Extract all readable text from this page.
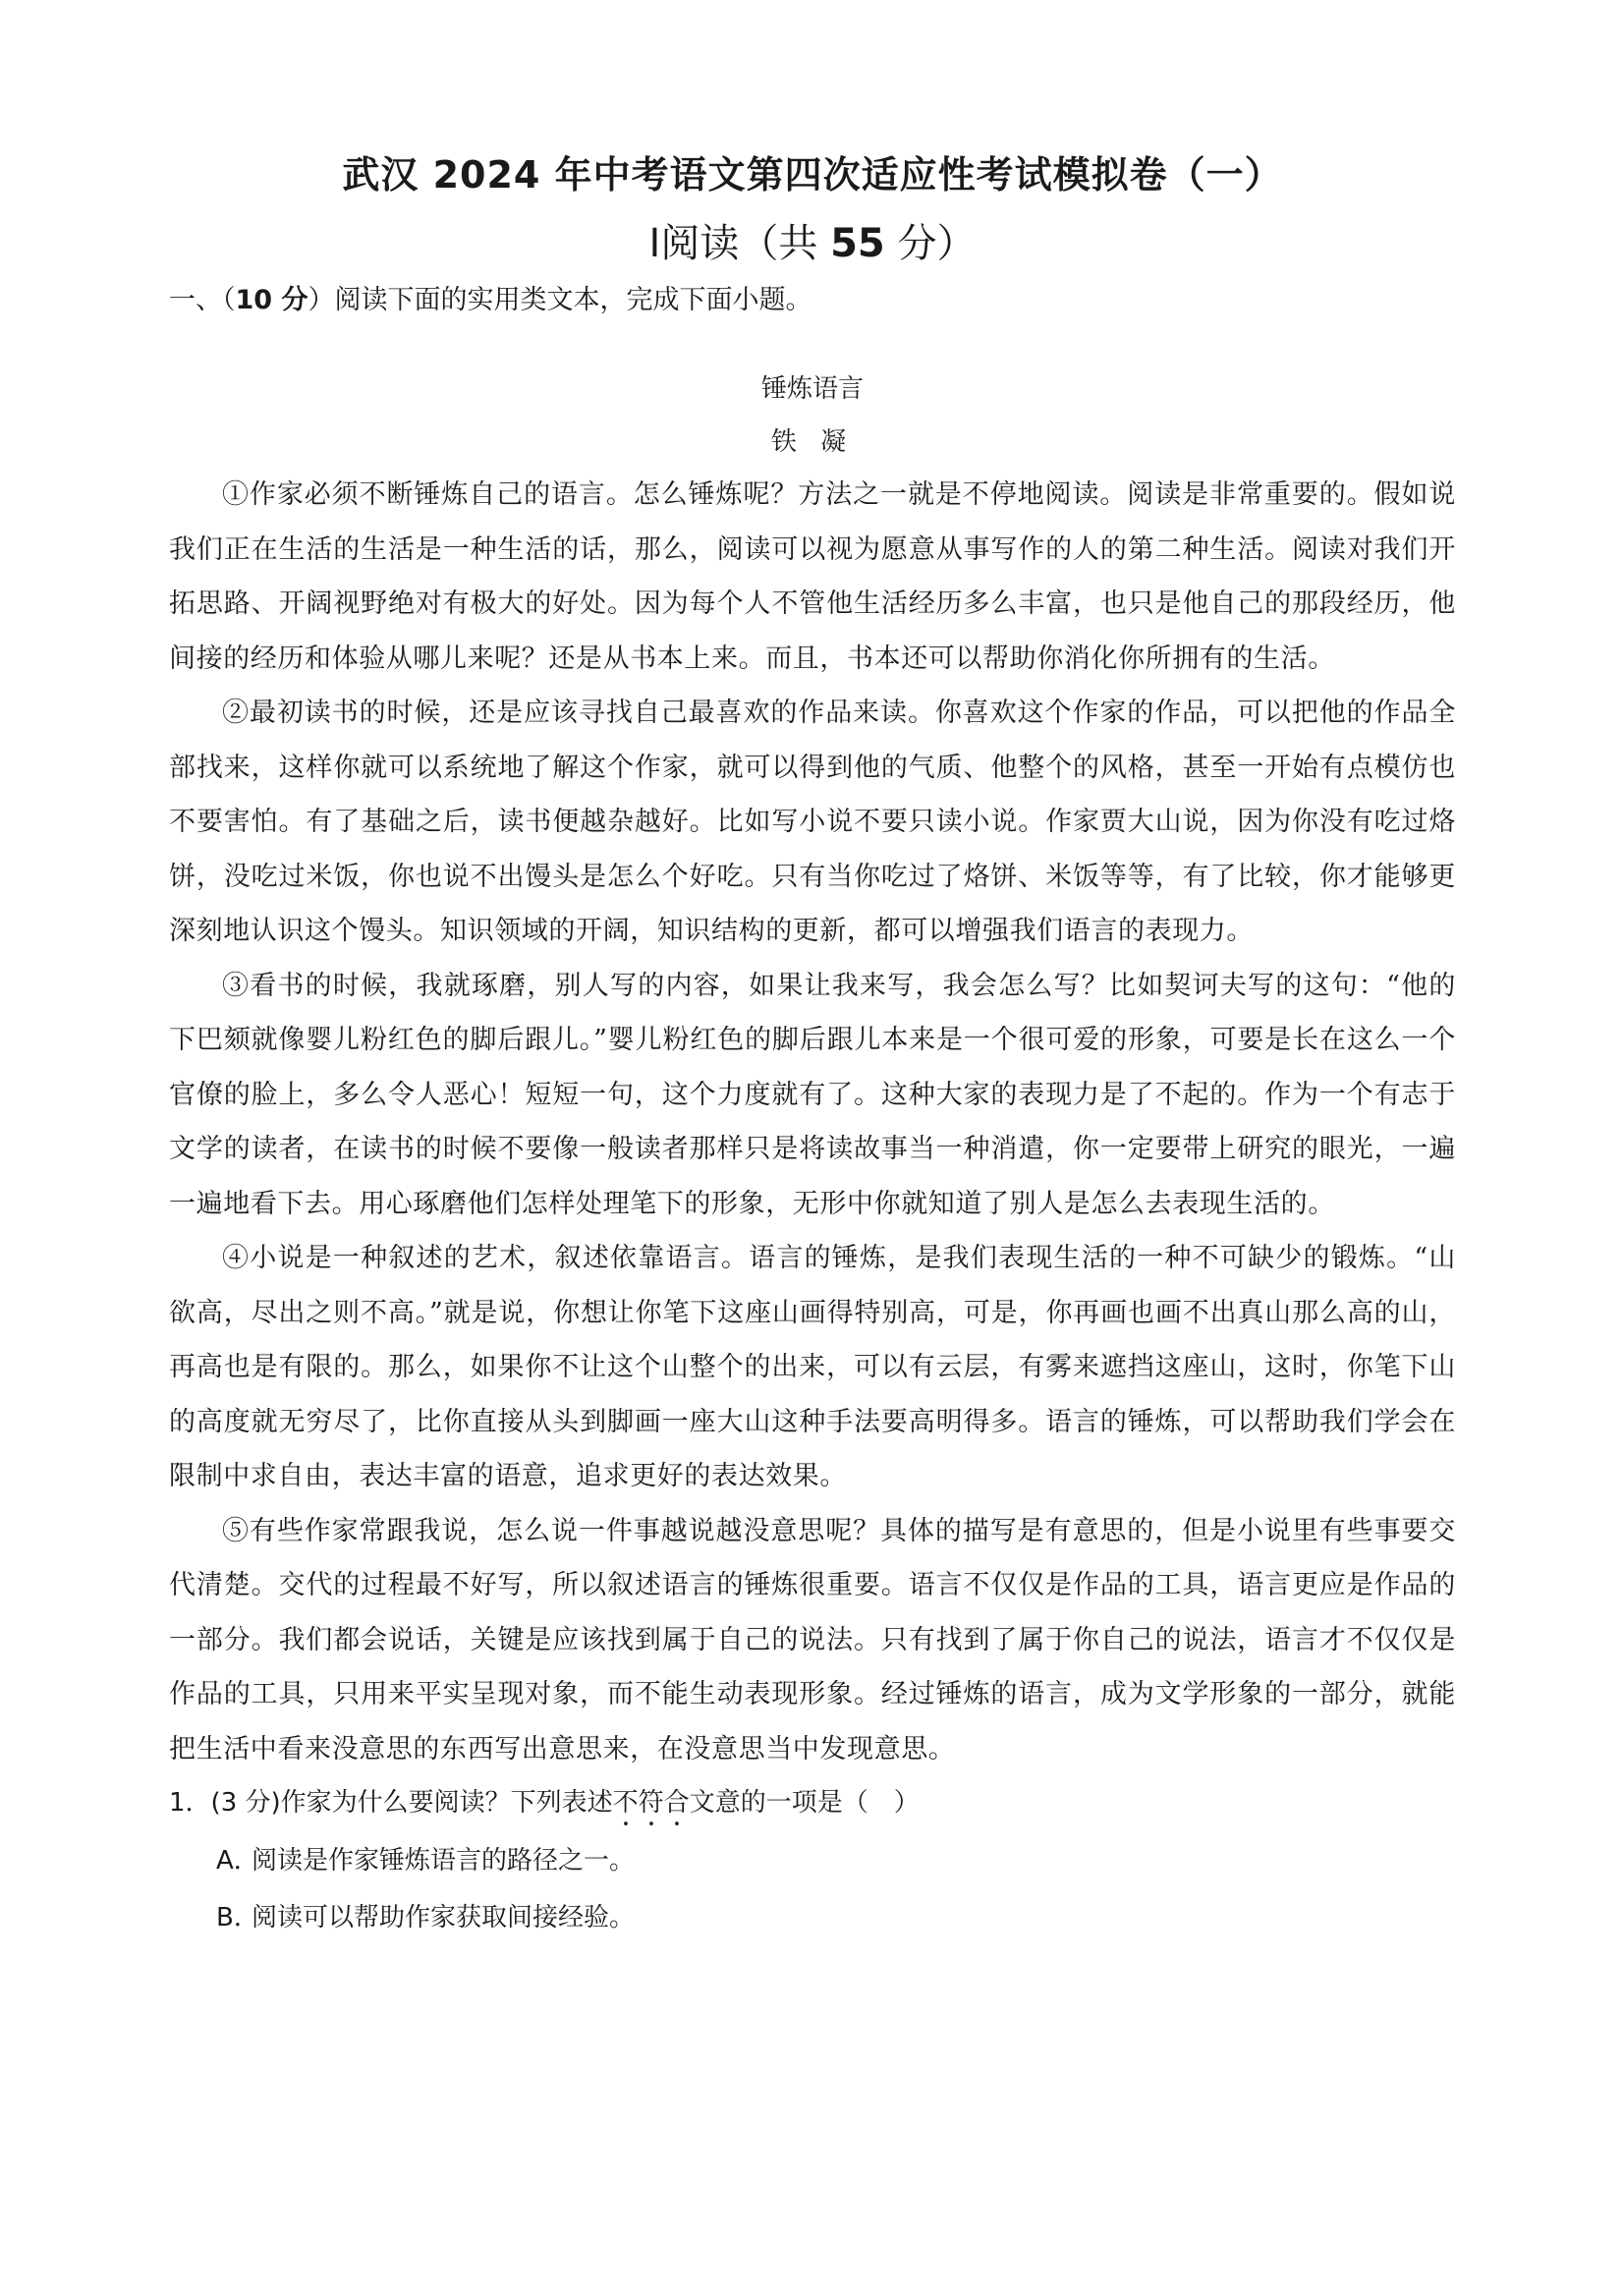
武汉 2024 年中考语文第四次适应性考试模拟卷（一）
Ⅰ阅读（共 55 分）
一、（10 分）阅读下面的实用类文本，完成下面小题。
锤炼语言
铁 凝

①作家必须不断锤炼自己的语言。怎么锤炼呢？方法之一就是不停地阅读。阅读是非常重要的。假如说我们正在生活的生活是一种生活的话，那么，阅读可以视为愿意从事写作的人的第二种生活。阅读对我们开拓思路、开阔视野绝对有极大的好处。因为每个人不管他生活经历多么丰富，也只是他自己的那段经历，他间接的经历和体验从哪儿来呢？还是从书本上来。而且，书本还可以帮助你消化你所拥有的生活。

②最初读书的时候，还是应该寻找自己最喜欢的作品来读。你喜欢这个作家的作品，可以把他的作品全部找来，这样你就可以系统地了解这个作家，就可以得到他的气质、他整个的风格，甚至一开始有点模仿也不要害怕。有了基础之后，读书便越杂越好。比如写小说不要只读小说。作家贾大山说，因为你没有吃过烙饼，没吃过米饭，你也说不出馒头是怎么个好吃。只有当你吃过了烙饼、米饭等等，有了比较，你才能够更深刻地认识这个馒头。知识领域的开阔，知识结构的更新，都可以增强我们语言的表现力。

③看书的时候，我就琢磨，别人写的内容，如果让我来写，我会怎么写？比如契诃夫写的这句：“他的下巴颏就像婴儿粉红色的脚后跟儿。”婴儿粉红色的脚后跟儿本来是一个很可爱的形象，可要是长在这么一个官僚的脸上，多么令人恶心！短短一句，这个力度就有了。这种大家的表现力是了不起的。作为一个有志于文学的读者，在读书的时候不要像一般读者那样只是将读故事当一种消遣，你一定要带上研究的眼光，一遍一遍地看下去。用心琢磨他们怎样处理笔下的形象，无形中你就知道了别人是怎么去表现生活的。

④小说是一种叙述的艺术，叙述依靠语言。语言的锤炼，是我们表现生活的一种不可缺少的锻炼。“山欲高，尽出之则不高。”就是说，你想让你笔下这座山画得特别高，可是，你再画也画不出真山那么高的山，再高也是有限的。那么，如果你不让这个山整个的出来，可以有云层，有雾来遮挡这座山，这时，你笔下山的高度就无穷尽了，比你直接从头到脚画一座大山这种手法要高明得多。语言的锤炼，可以帮助我们学会在限制中求自由，表达丰富的语意，追求更好的表达效果。

⑤有些作家常跟我说，怎么说一件事越说越没意思呢？具体的描写是有意思的，但是小说里有些事要交代清楚。交代的过程最不好写，所以叙述语言的锤炼很重要。语言不仅仅是作品的工具，语言更应是作品的一部分。我们都会说话，关键是应该找到属于自己的说法。只有找到了属于你自己的说法，语言才不仅仅是作品的工具，只用来平实呈现对象，而不能生动表现形象。经过锤炼的语言，成为文学形象的一部分，就能把生活中看来没意思的东西写出意思来，在没意思当中发现意思。

1．(3 分)作家为什么要阅读？下列表述不符合文意的一项是（　）
A．阅读是作家锤炼语言的路径之一。
B．阅读可以帮助作家获取间接经验。
